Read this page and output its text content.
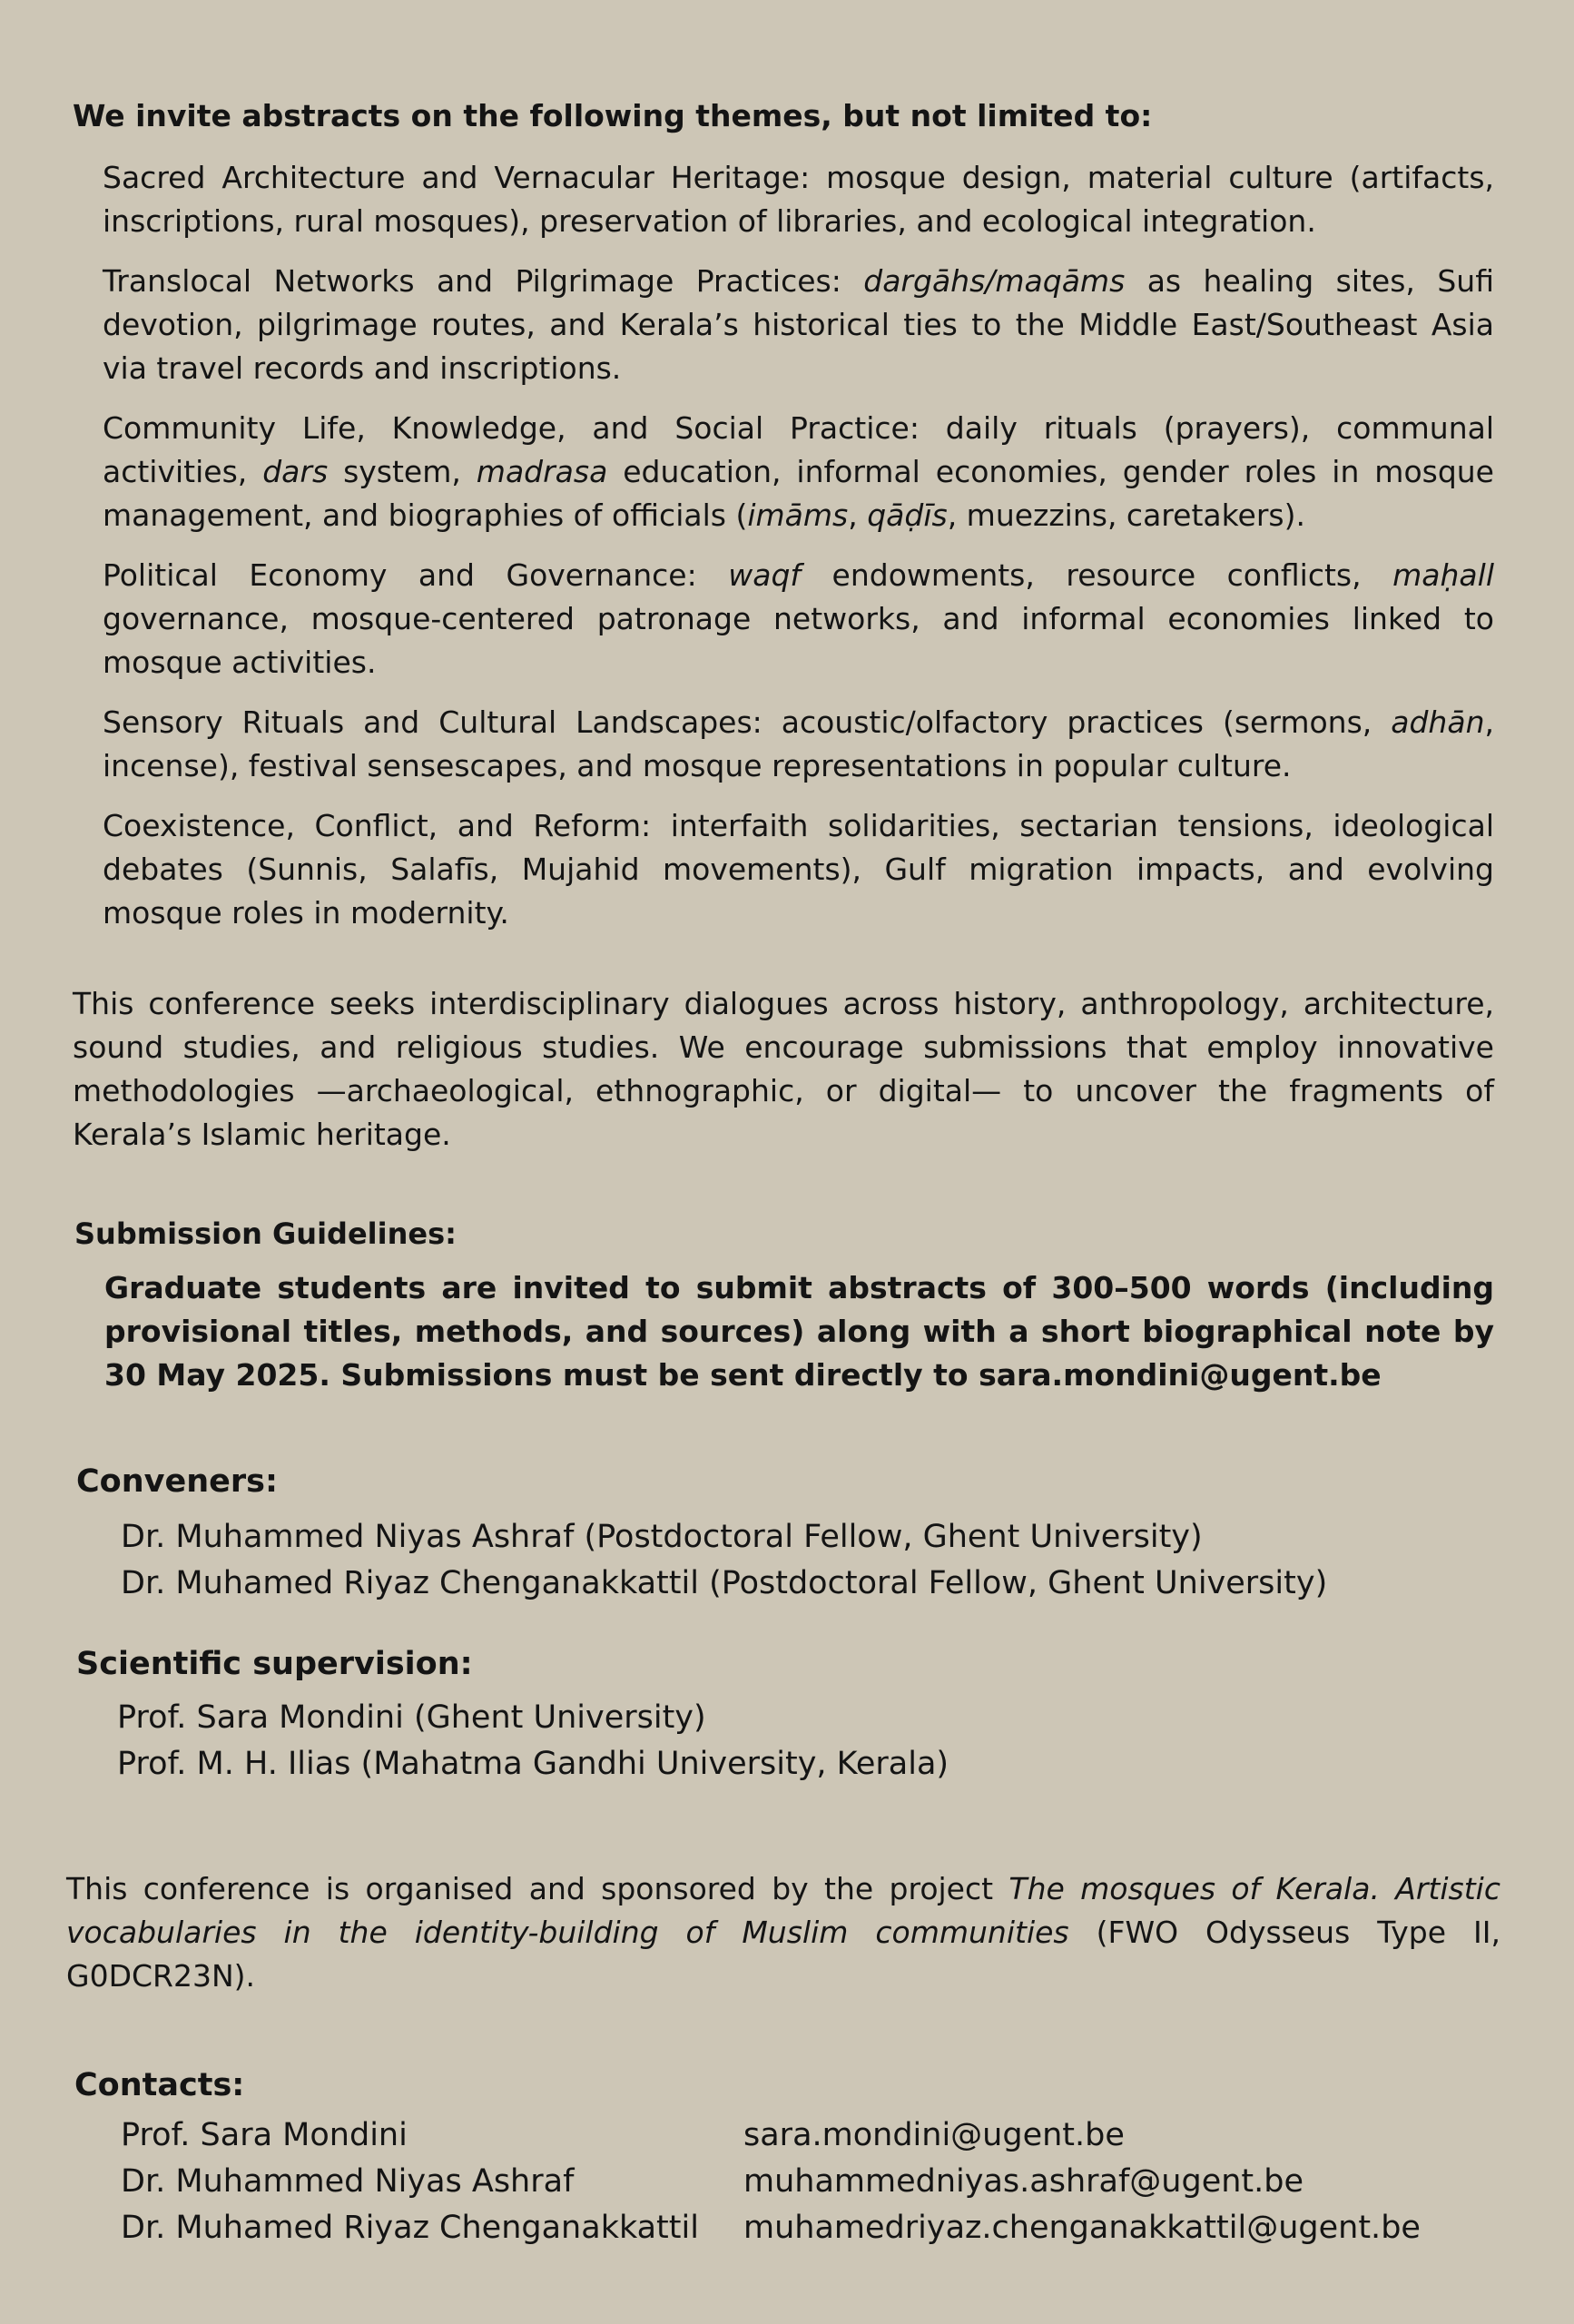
We invite abstracts on the following themes, but not limited to:

Sacred Architecture and Vernacular Heritage: mosque design, material culture (artifacts, inscriptions, rural mosques), preservation of libraries, and ecological integration.

Translocal Networks and Pilgrimage Practices: dargāhs/maqāms as healing sites, Sufi devotion, pilgrimage routes, and Kerala’s historical ties to the Middle East/Southeast Asia via travel records and inscriptions.

Community Life, Knowledge, and Social Practice: daily rituals (prayers), communal activities, dars system, madrasa education, informal economies, gender roles in mosque management, and biographies of officials (imāms, qāḍīs, muezzins, caretakers).

Political Economy and Governance: waqf endowments, resource conflicts, maḥall governance, mosque-centered patronage networks, and informal economies linked to mosque activities.

Sensory Rituals and Cultural Landscapes: acoustic/olfactory practices (sermons, adhān, incense), festival sensescapes, and mosque representations in popular culture.

Coexistence, Conflict, and Reform: interfaith solidarities, sectarian tensions, ideological debates (Sunnis, Salafīs, Mujahid movements), Gulf migration impacts, and evolving mosque roles in modernity.

This conference seeks interdisciplinary dialogues across history, anthropology, architecture, sound studies, and religious studies. We encourage submissions that employ innovative methodologies —archaeological, ethnographic, or digital— to uncover the fragments of Kerala’s Islamic heritage.
Submission Guidelines:
Graduate students are invited to submit abstracts of 300–500 words (including provisional titles, methods, and sources) along with a short biographical note by 30 May 2025. Submissions must be sent directly to sara.mondini@ugent.be
Conveners:
Dr. Muhammed Niyas Ashraf (Postdoctoral Fellow, Ghent University)
Dr. Muhamed Riyaz Chenganakkattil (Postdoctoral Fellow, Ghent University)
Scientific supervision:
Prof. Sara Mondini (Ghent University)
Prof. M. H. Ilias (Mahatma Gandhi University, Kerala)
This conference is organised and sponsored by the project The mosques of Kerala. Artistic vocabularies in the identity-building of Muslim communities (FWO Odysseus Type II, G0DCR23N).
Contacts:
Prof. Sara Mondini	sara.mondini@ugent.be
Dr. Muhammed Niyas Ashraf	muhammedniyas.ashraf@ugent.be
Dr. Muhamed Riyaz Chenganakkattil	muhamedriyaz.chenganakkattil@ugent.be
